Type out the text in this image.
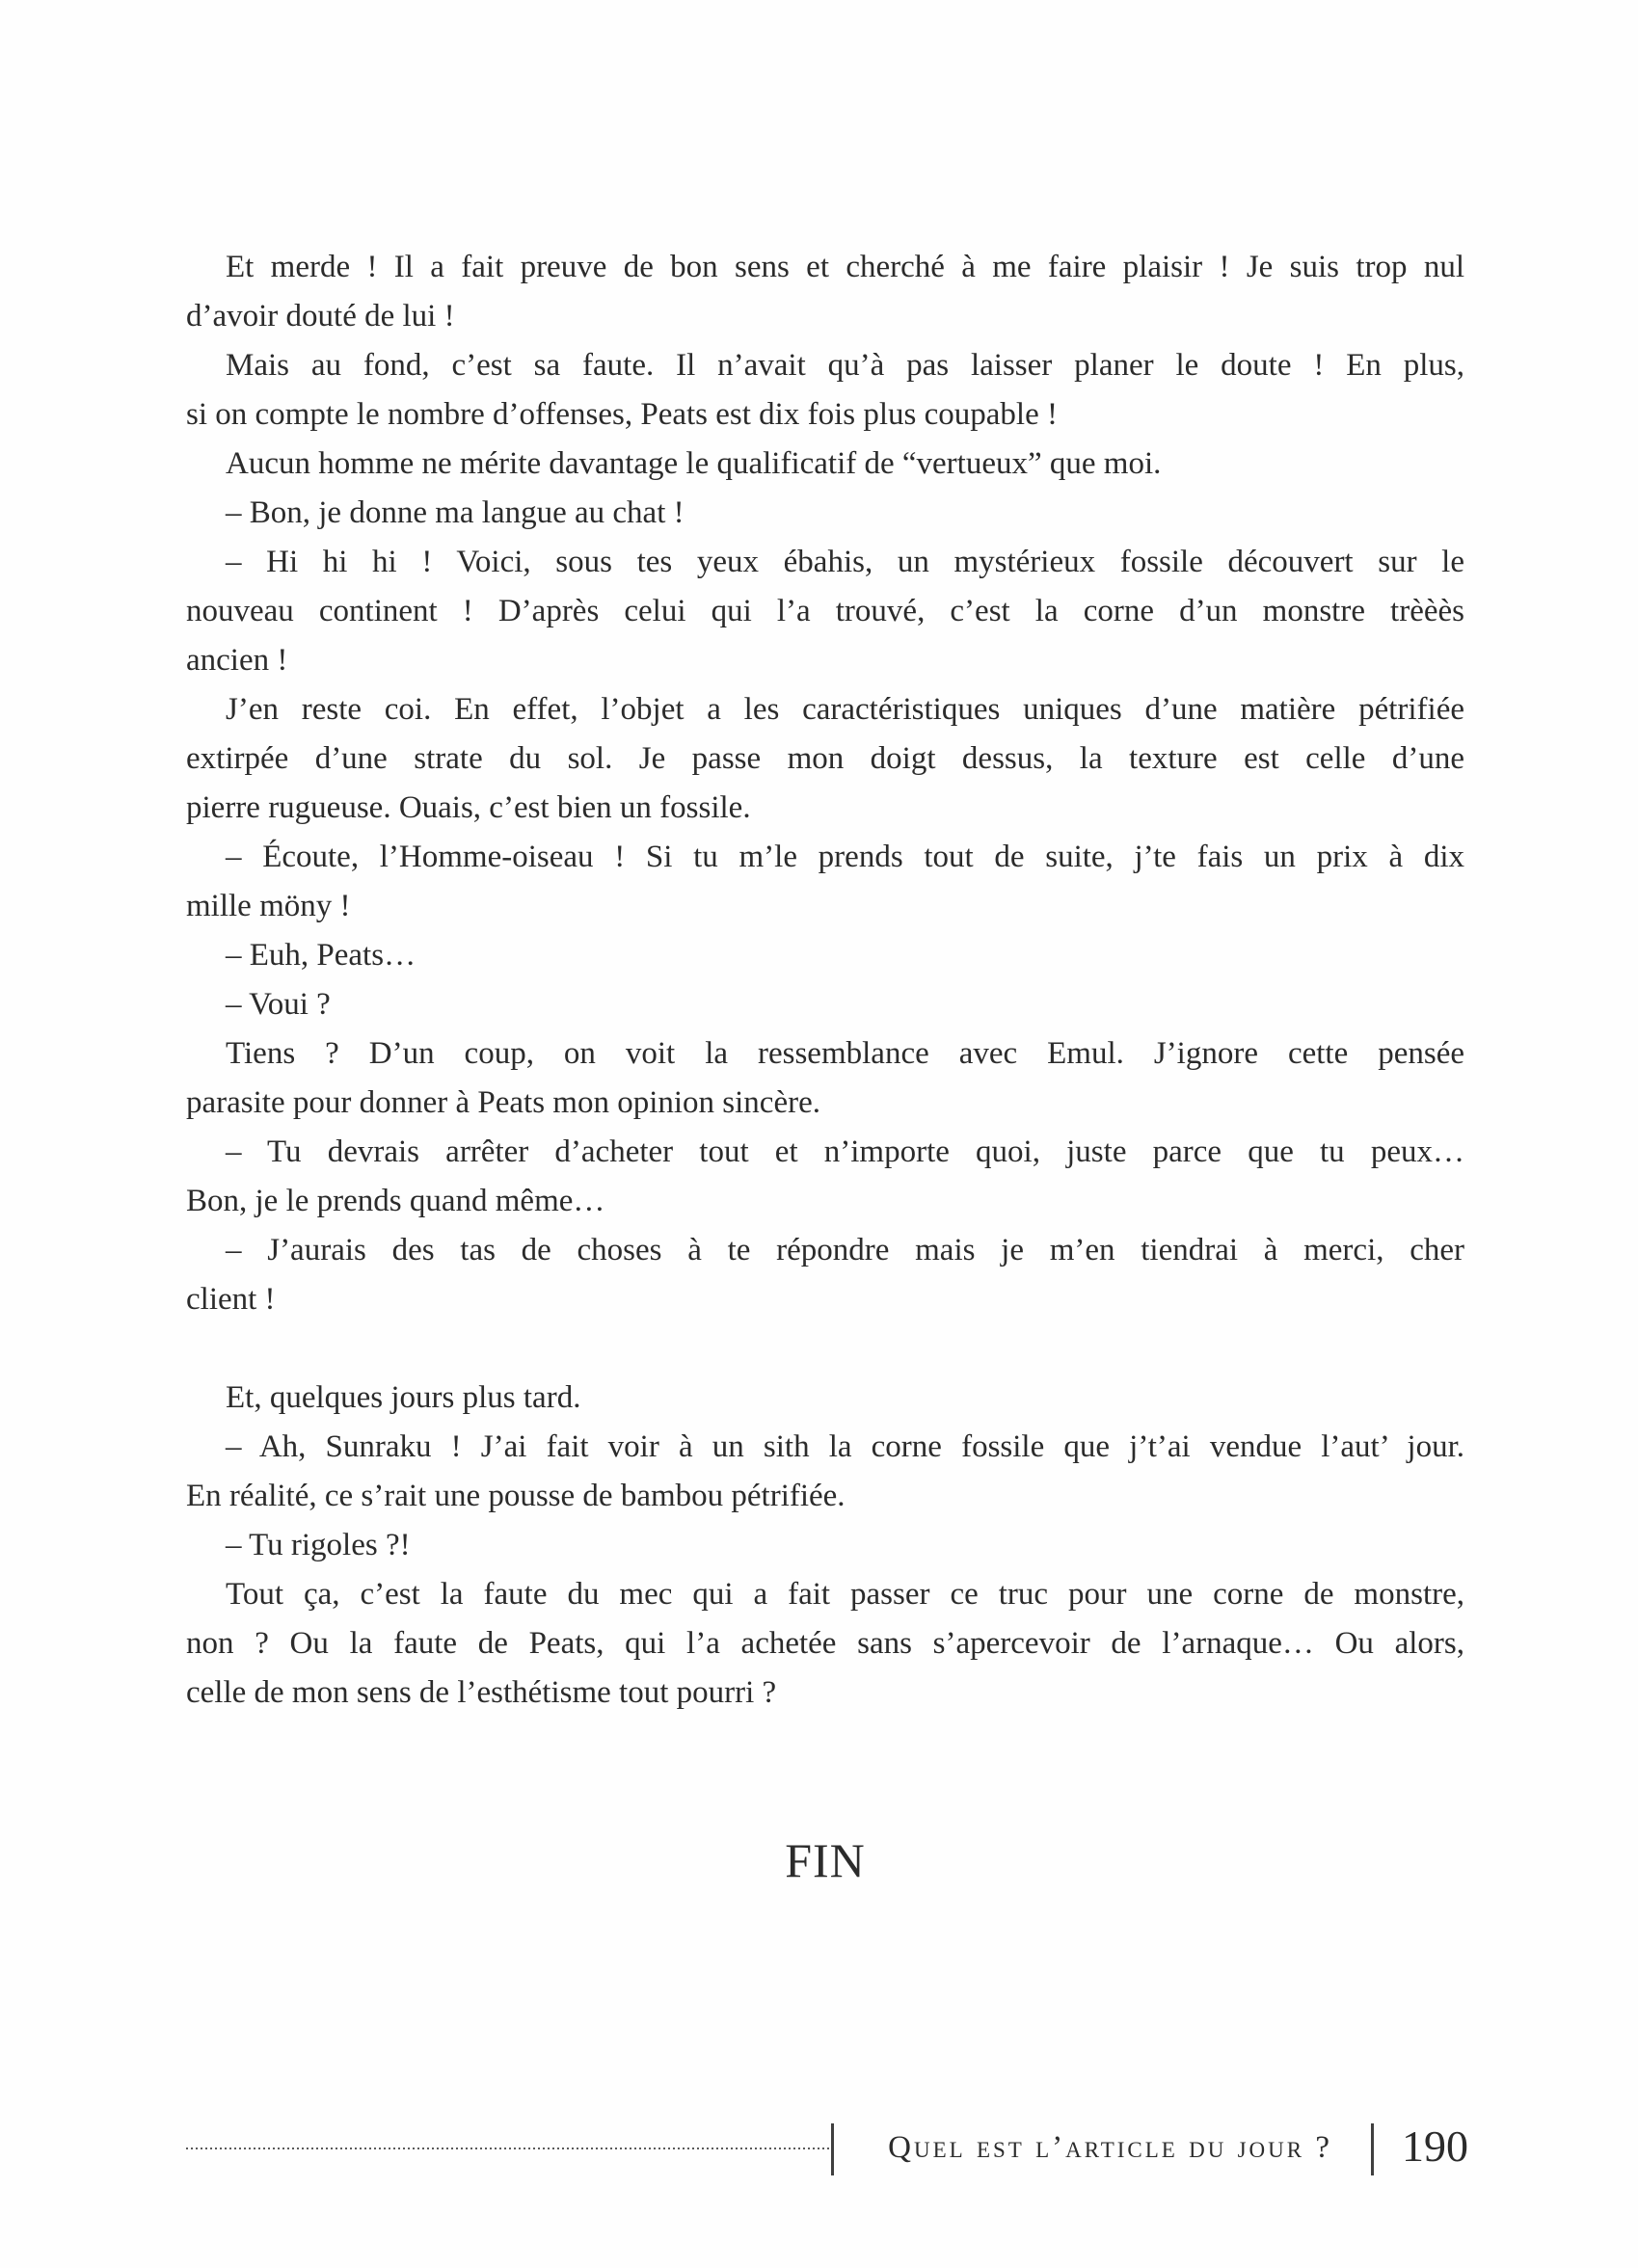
Et merde ! Il a fait preuve de bon sens et cherché à me faire plaisir ! Je suis trop nul
d’avoir douté de lui !
Mais au fond, c’est sa faute. Il n’avait qu’à pas laisser planer le doute ! En plus,
si on compte le nombre d’offenses, Peats est dix fois plus coupable !
Aucun homme ne mérite davantage le qualificatif de “vertueux” que moi.
– Bon, je donne ma langue au chat !
– Hi hi hi ! Voici, sous tes yeux ébahis, un mystérieux fossile découvert sur le
nouveau continent ! D’après celui qui l’a trouvé, c’est la corne d’un monstre trèèès
ancien !
J’en reste coi. En effet, l’objet a les caractéristiques uniques d’une matière pétrifiée
extirpée d’une strate du sol. Je passe mon doigt dessus, la texture est celle d’une
pierre rugueuse. Ouais, c’est bien un fossile.
– Écoute, l’Homme-oiseau ! Si tu m’le prends tout de suite, j’te fais un prix à dix
mille möny !
– Euh, Peats…
– Voui ?
Tiens ? D’un coup, on voit la ressemblance avec Emul. J’ignore cette pensée
parasite pour donner à Peats mon opinion sincère.
– Tu devrais arrêter d’acheter tout et n’importe quoi, juste parce que tu peux…
Bon, je le prends quand même…
– J’aurais des tas de choses à te répondre mais je m’en tiendrai à merci, cher
client !
Et, quelques jours plus tard.
– Ah, Sunraku ! J’ai fait voir à un sith la corne fossile que j’t’ai vendue l’aut’ jour.
En réalité, ce s’rait une pousse de bambou pétrifiée.
– Tu rigoles ?!
Tout ça, c’est la faute du mec qui a fait passer ce truc pour une corne de monstre,
non ? Ou la faute de Peats, qui l’a achetée sans s’apercevoir de l’arnaque… Ou alors,
celle de mon sens de l’esthétisme tout pourri ?
FIN
Quel est l’article du jour ?	190
